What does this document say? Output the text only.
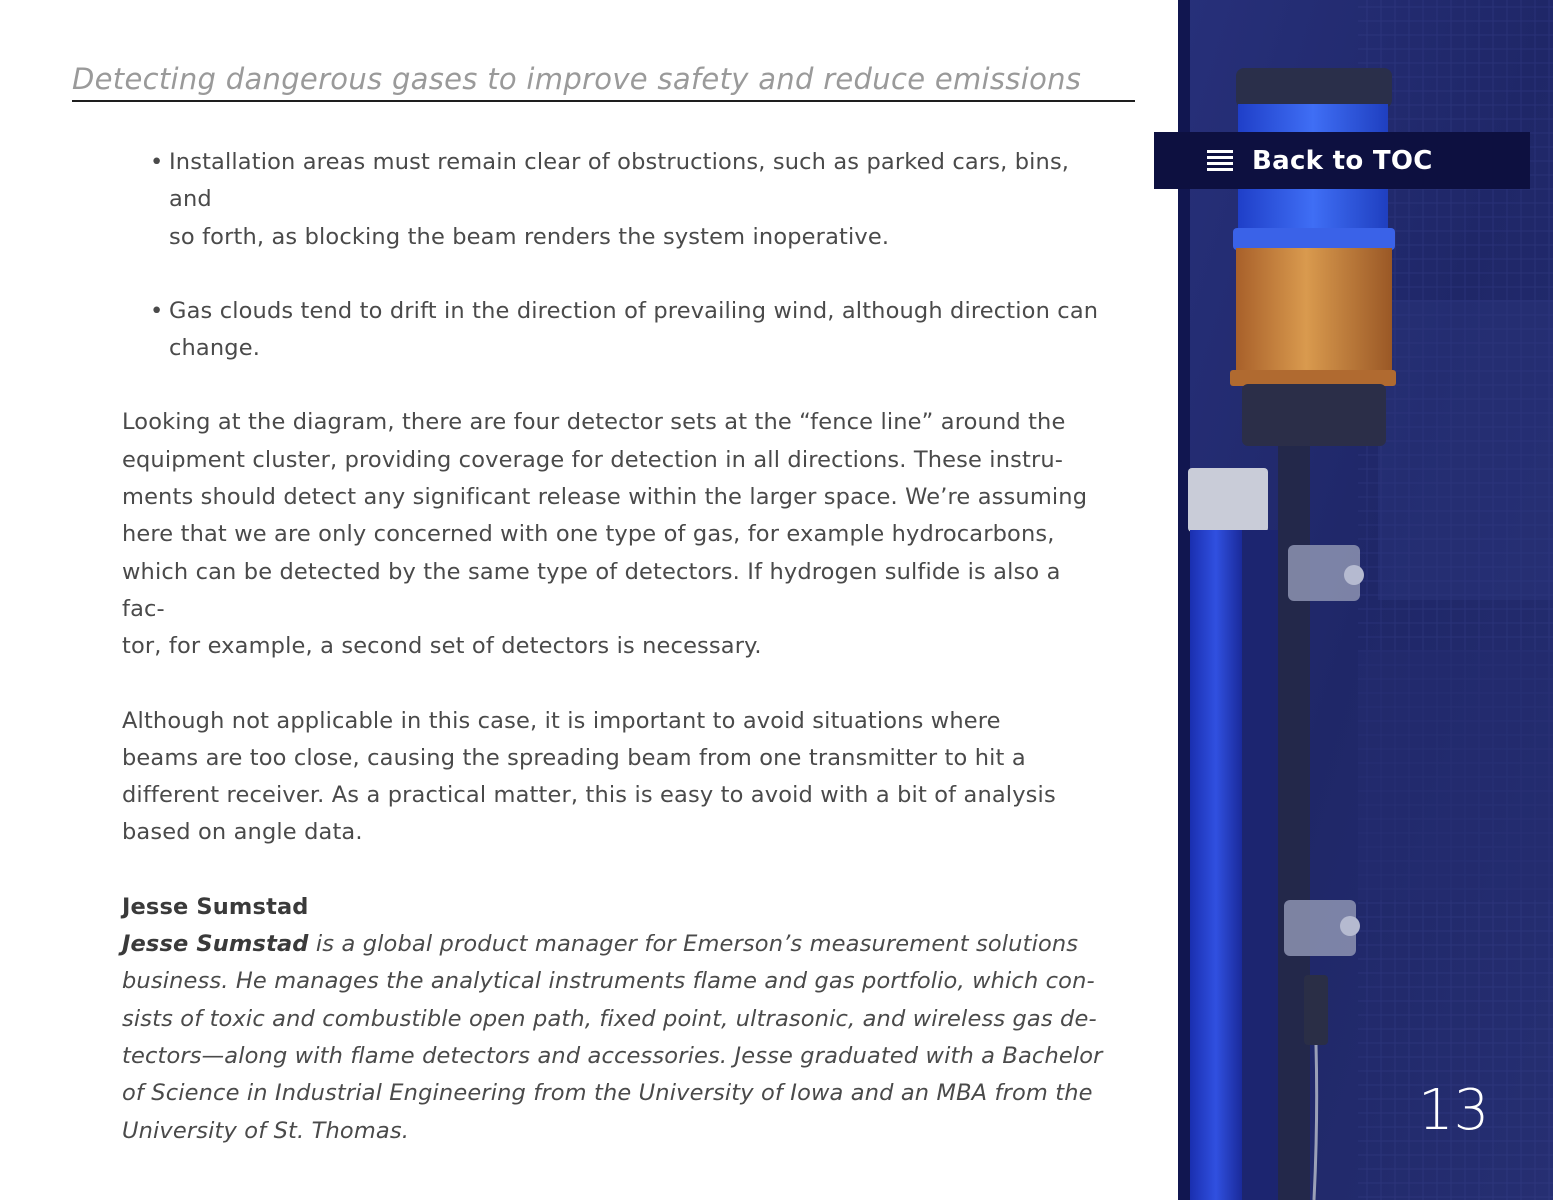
Detecting dangerous gases to improve safety and reduce emissions
• Installation areas must remain clear of obstructions, such as parked cars, bins, and
so forth, as blocking the beam renders the system inoperative.
• Gas clouds tend to drift in the direction of prevailing wind, although direction can
change.
Looking at the diagram, there are four detector sets at the “fence line” around the
equipment cluster, providing coverage for detection in all directions. These instru-
ments should detect any significant release within the larger space. We’re assuming
here that we are only concerned with one type of gas, for example hydrocarbons,
which can be detected by the same type of detectors. If hydrogen sulfide is also a fac-
tor, for example, a second set of detectors is necessary.
Although not applicable in this case, it is important to avoid situations where
beams are too close, causing the spreading beam from one transmitter to hit a
different receiver. As a practical matter, this is easy to avoid with a bit of analysis
based on angle data.
Jesse Sumstad
Jesse Sumstad is a global product manager for Emerson’s measurement solutions
business. He manages the analytical instruments flame and gas portfolio, which con-
sists of toxic and combustible open path, fixed point, ultrasonic, and wireless gas de-
tectors—along with flame detectors and accessories. Jesse graduated with a Bachelor
of Science in Industrial Engineering from the University of Iowa and an MBA from the
University of St. Thomas.
Back to TOC
13
